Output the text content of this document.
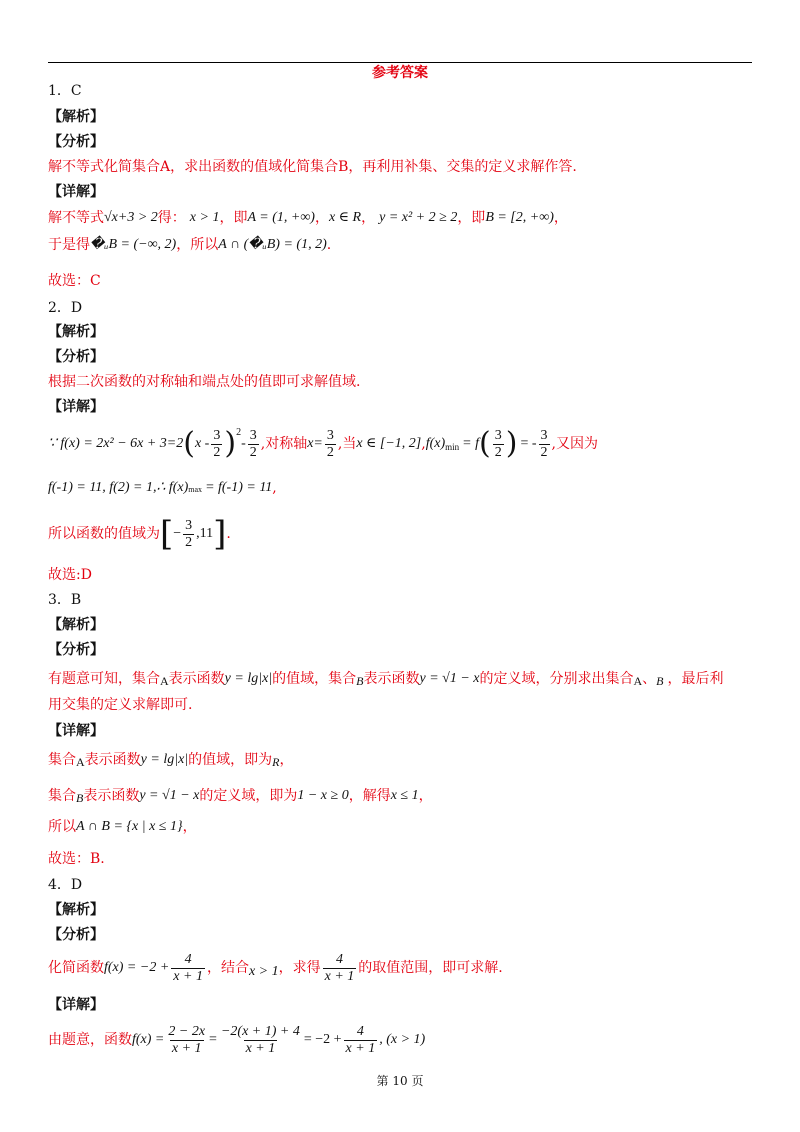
参考答案
1．C
【解析】
【分析】
解不等式化简集合A，求出函数的值域化简集合B，再利用补集、交集的定义求解作答.
【详解】
解不等式 √x+3 > 2 得： x > 1 ，即 A = (1, +∞) ， x ∈ R ， y = x² + 2 ≥ 2 ，即 B = [2, +∞) ，
于是得 �ᵤB = (−∞, 2) ，所以 A ∩ (�ᵤB) = (1, 2) .
故选：C
2．D
【解析】
【分析】
根据二次函数的对称轴和端点处的值即可求解值域.
【详解】
∵ f(x) = 2x² − 6x + 3=2 ( x - $\frac{3}{2}$ ) 2
- $\frac{3}{2}$ ,对称轴 $x= \frac{3}{2}$ ,当 x ∈ [−1, 2] , f(x) min = f ( $\frac{3}{2}$ ) = - $\frac{3}{2}$ ,又因为
f(-1) = 11, f(2) = 1,∴ f(x) max = f(-1) = 11 ,
所以函数的值域为 [ − $\frac{3}{2} ,11$ ] .
故选:D
3．B
【解析】
【分析】
有题意可知，集合 A 表示函数 y = lg|x| 的值域，集合 B 表示函数 y = √1 − x 的定义域，分别求出集合 A 、 B ，最后利
用交集的定义求解即可.
【详解】
集合 A 表示函数 y = lg|x| 的值域，即为 R ，
集合 B 表示函数 y = √1 − x 的定义域，即为 1 − x ≥ 0 ，解得 x ≤ 1 ，
所以 A ∩ B = {x | x ≤ 1} ，
故选：B.
4．D
【解析】
【分析】
化简函数 $f(x) = -2 + \frac{4}{x + 1}$ ，结合 x > 1 ，求得 $\frac{4}{x + 1}$ 的取值范围，即可求解.
【详解】
由题意，函数 $f(x) = \frac{2 - 2x}{x + 1} = \frac{-2(x + 1) + 4}{x + 1} = -2 + \frac{4}{x + 1}$ , (x > 1)
第 10 页
